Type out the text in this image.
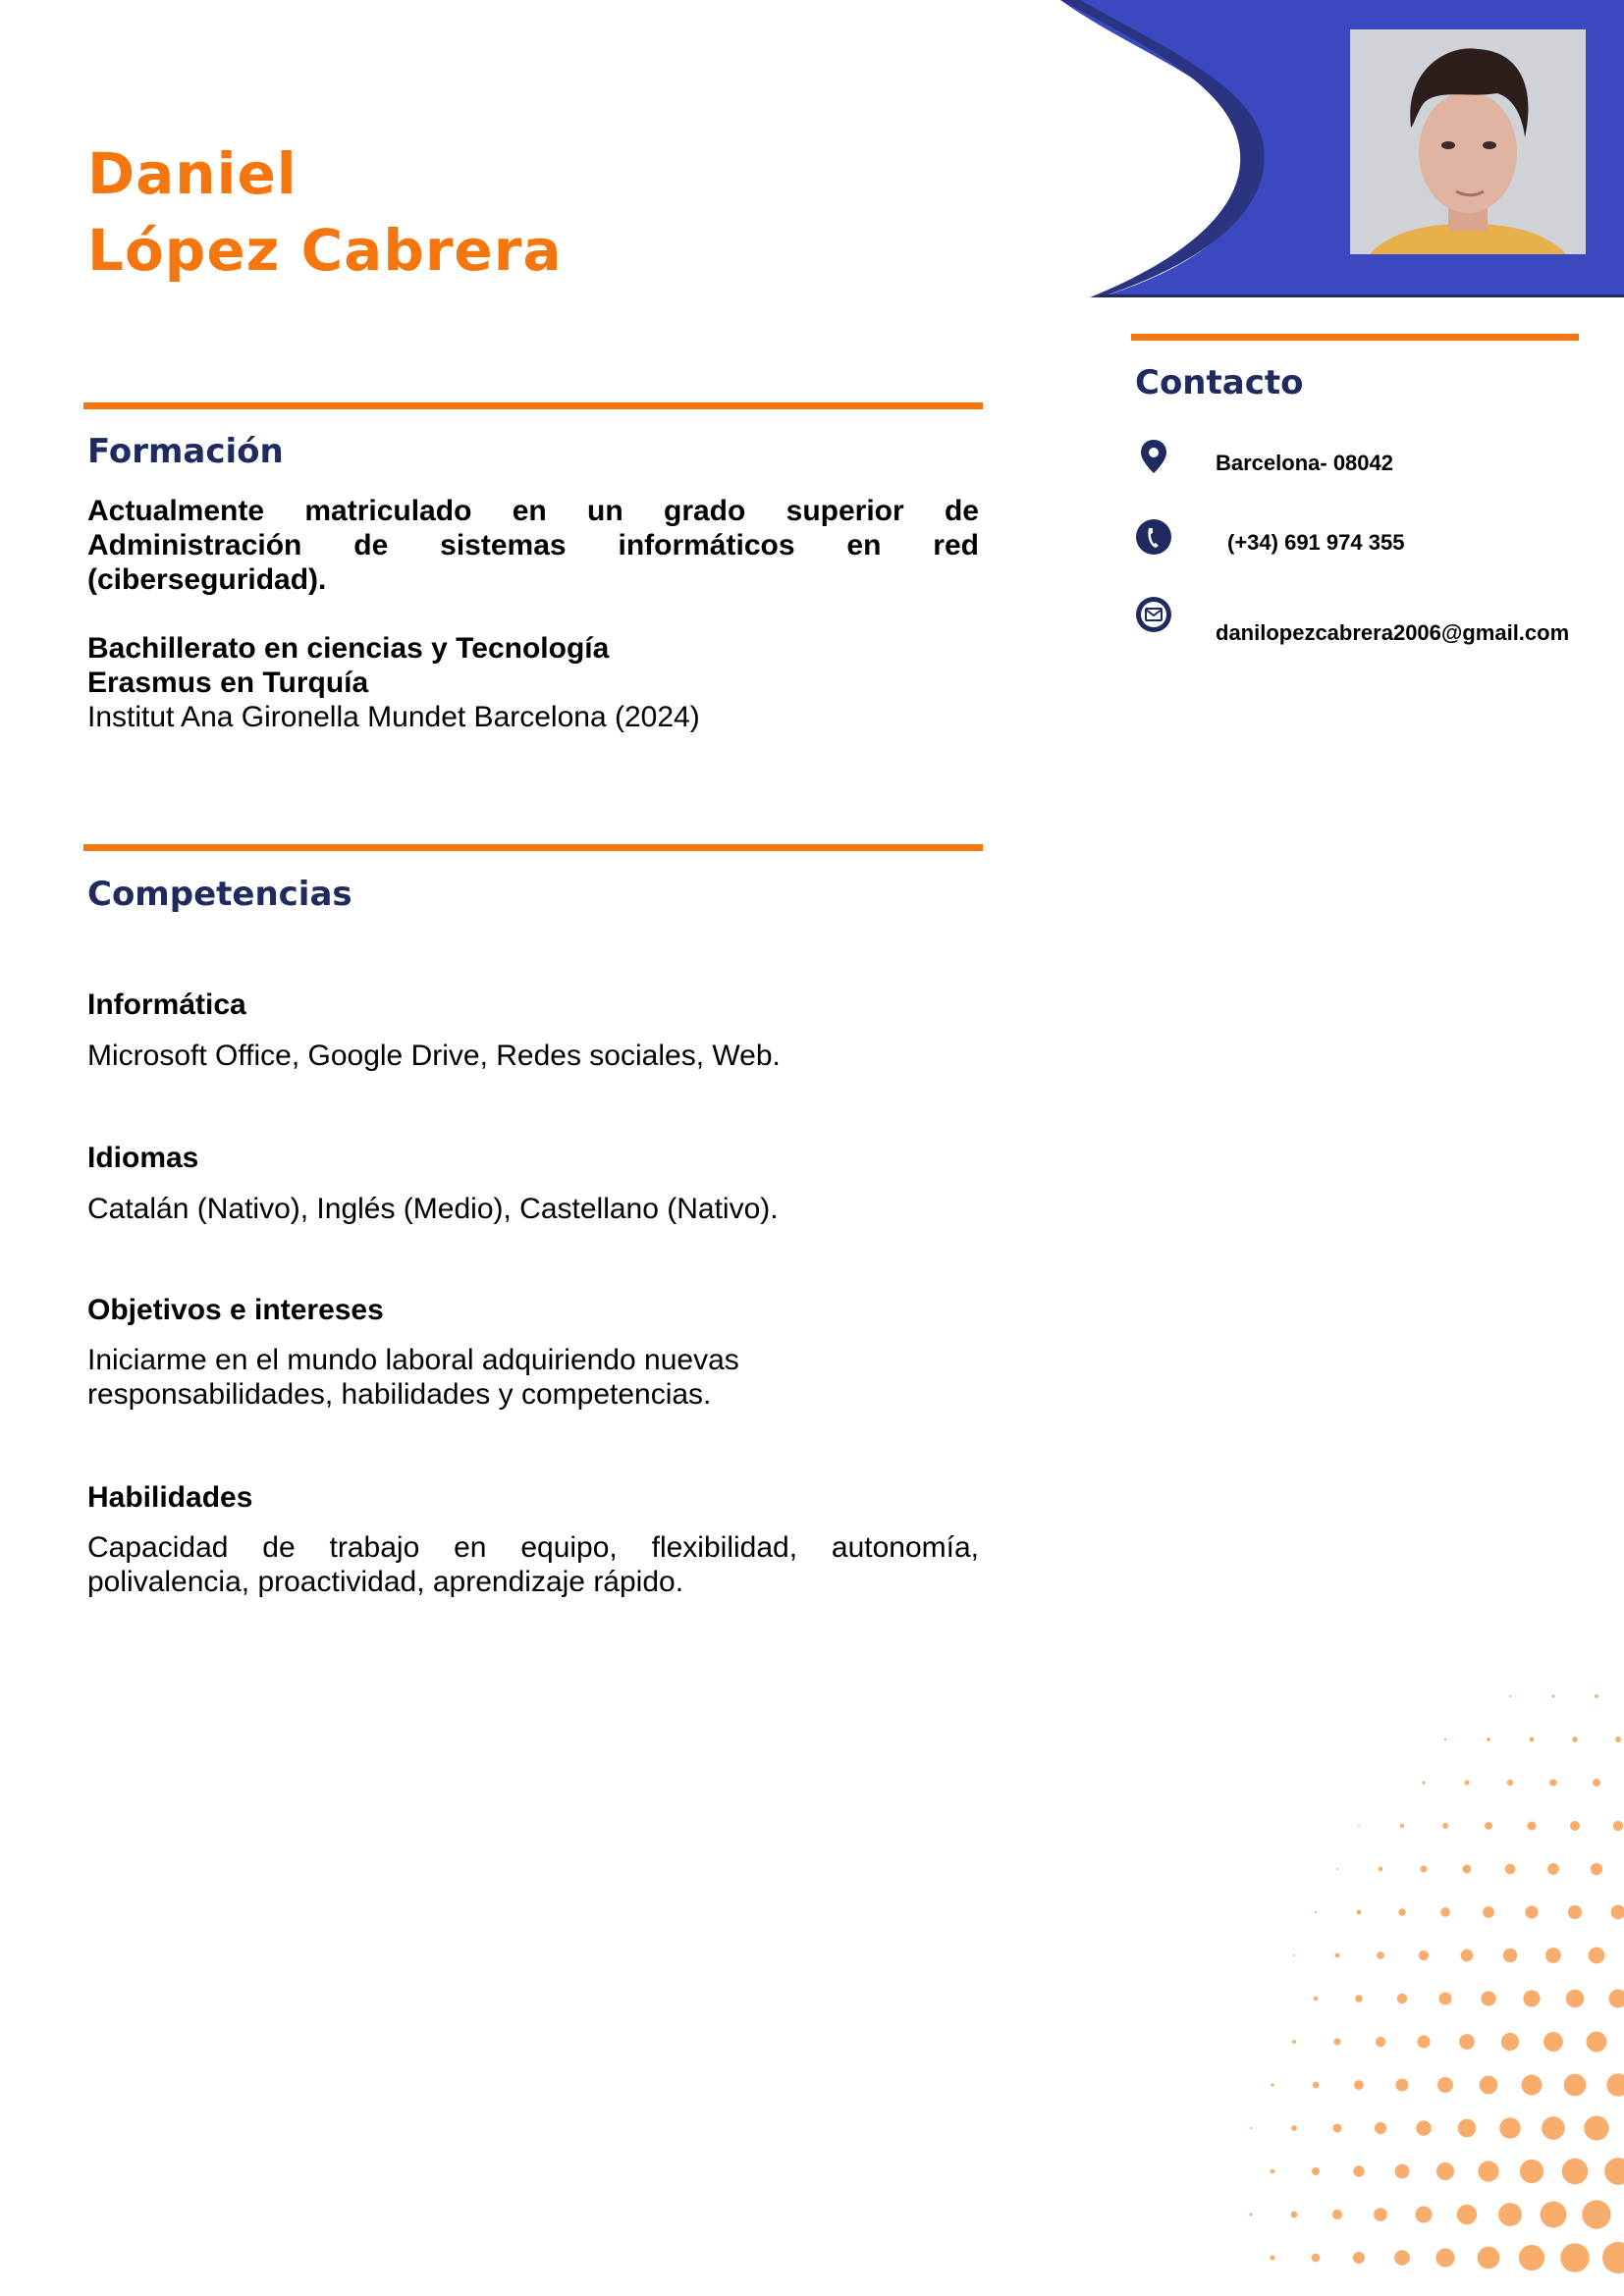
Daniel
López Cabrera
Formación
Actualmente matriculado en un grado superior de Administración de sistemas informáticos en red (ciberseguridad).
Bachillerato en ciencias y Tecnología
Erasmus en Turquía
Institut Ana Gironella Mundet Barcelona (2024)
Competencias
Informática
Microsoft Office, Google Drive, Redes sociales, Web.
Idiomas
Catalán (Nativo), Inglés (Medio), Castellano (Nativo).
Objetivos e intereses
Iniciarme en el mundo laboral adquiriendo nuevas
responsabilidades, habilidades y competencias.
Habilidades
Capacidad de trabajo en equipo, flexibilidad, autonomía, polivalencia, proactividad, aprendizaje rápido.
Contacto
Barcelona- 08042
(+34) 691 974 355
danilopezcabrera2006@gmail.com
